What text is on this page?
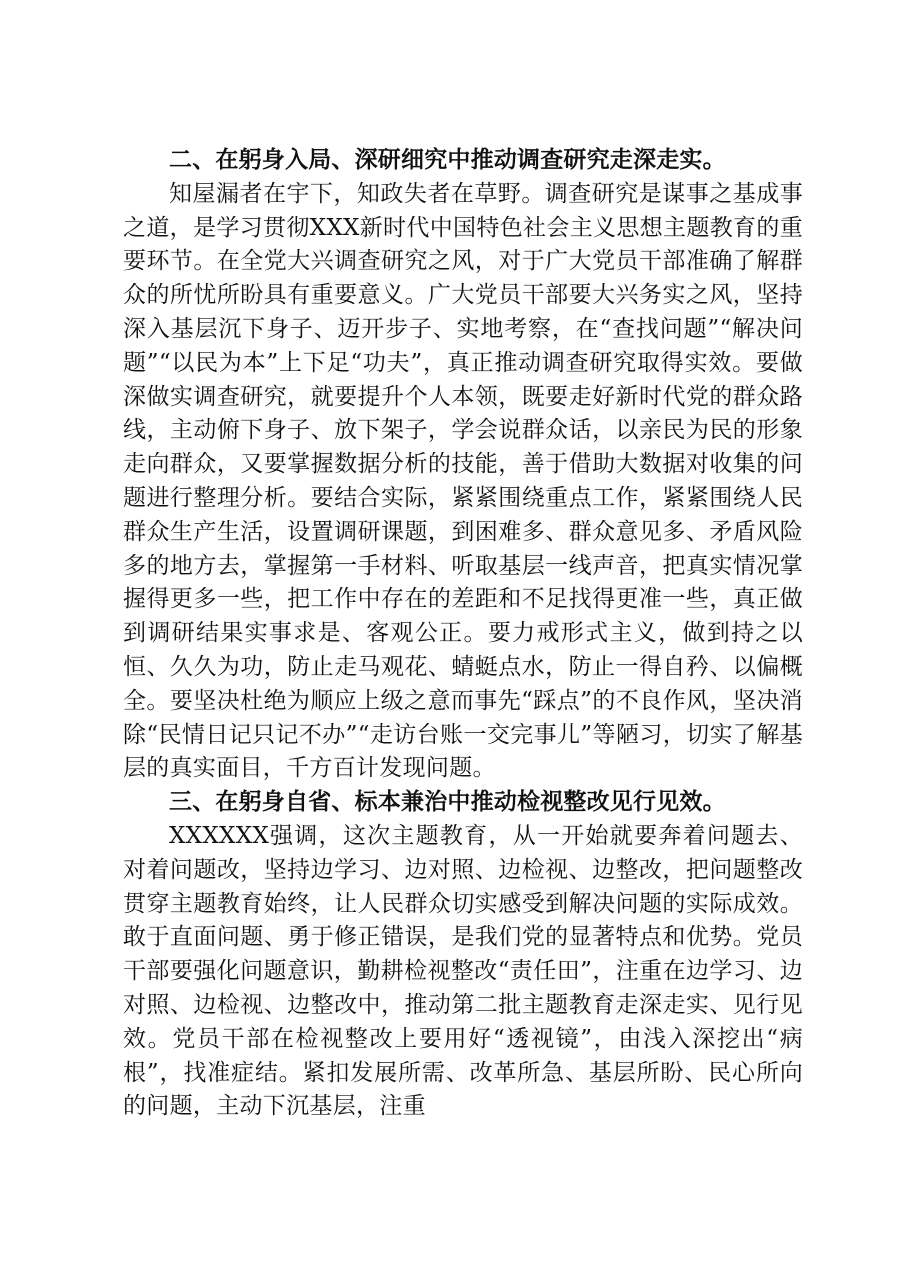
二、在躬身入局、深研细究中推动调查研究走深走实。

知屋漏者在宇下，知政失者在草野。调查研究是谋事之基成事之道，是学习贯彻XXX新时代中国特色社会主义思想主题教育的重要环节。在全党大兴调查研究之风，对于广大党员干部准确了解群众的所忧所盼具有重要意义。广大党员干部要大兴务实之风，坚持深入基层沉下身子、迈开步子、实地考察，在“查找问题”“解决问题”“以民为本”上下足“功夫”，真正推动调查研究取得实效。要做深做实调查研究，就要提升个人本领，既要走好新时代党的群众路线，主动俯下身子、放下架子，学会说群众话，以亲民为民的形象走向群众，又要掌握数据分析的技能，善于借助大数据对收集的问题进行整理分析。要结合实际，紧紧围绕重点工作，紧紧围绕人民群众生产生活，设置调研课题，到困难多、群众意见多、矛盾风险多的地方去，掌握第一手材料、听取基层一线声音，把真实情况掌握得更多一些，把工作中存在的差距和不足找得更准一些，真正做到调研结果实事求是、客观公正。要力戒形式主义，做到持之以恒、久久为功，防止走马观花、蜻蜓点水，防止一得自矜、以偏概全。要坚决杜绝为顺应上级之意而事先“踩点”的不良作风，坚决消除“民情日记只记不办”“走访台账一交完事儿”等陋习，切实了解基层的真实面目，千方百计发现问题。

三、在躬身自省、标本兼治中推动检视整改见行见效。

XXXXXX强调，这次主题教育，从一开始就要奔着问题去、对着问题改，坚持边学习、边对照、边检视、边整改，把问题整改贯穿主题教育始终，让人民群众切实感受到解决问题的实际成效。敢于直面问题、勇于修正错误，是我们党的显著特点和优势。党员干部要强化问题意识，勤耕检视整改“责任田”，注重在边学习、边对照、边检视、边整改中，推动第二批主题教育走深走实、见行见效。党员干部在检视整改上要用好“透视镜”，由浅入深挖出“病根”，找准症结。紧扣发展所需、改革所急、基层所盼、民心所向的问题，主动下沉基层，注重
